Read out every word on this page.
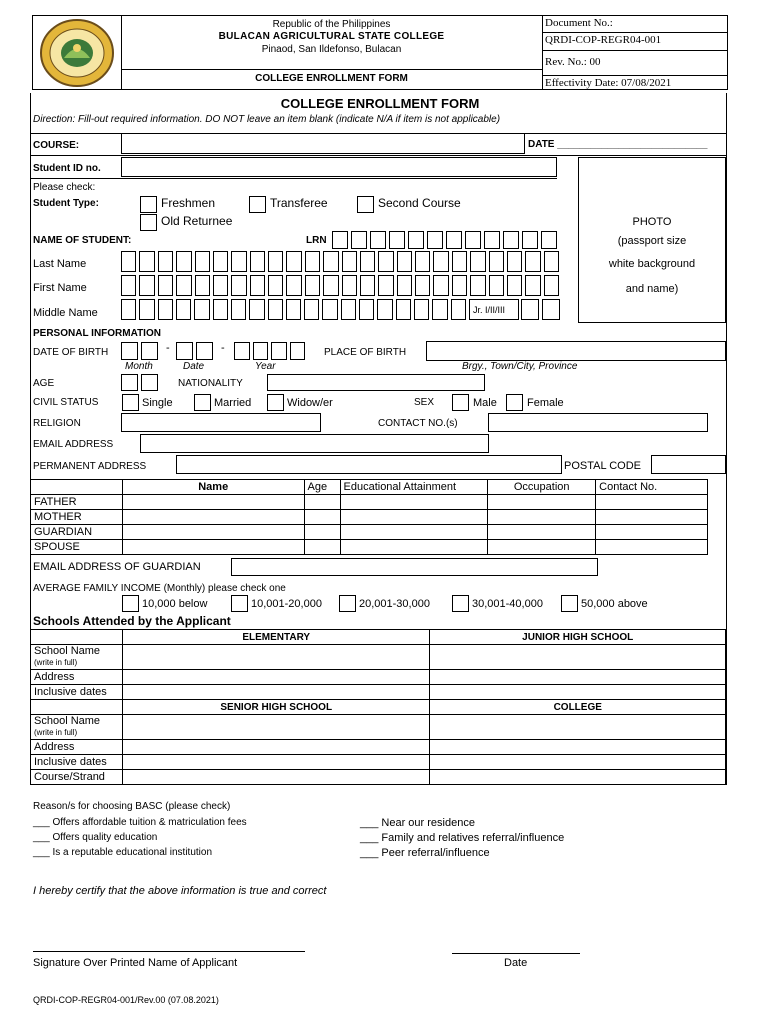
Republic of the Philippines
BULACAN AGRICULTURAL STATE COLLEGE
Pinaod, San Ildefonso, Bulacan
COLLEGE ENROLLMENT FORM
Document No.:
QRDI-COP-REGR04-001
Rev. No.: 00
Effectivity Date: 07/08/2021
COLLEGE ENROLLMENT FORM
Direction: Fill-out required information. DO NOT leave an item blank (indicate N/A if item is not applicable)
COURSE:	DATE ___________________________
Student ID no.
PHOTO
(passport size
white background
and name)
Please check:
Student Type:	Freshmen	Transferee	Second Course
Old Returnee
NAME OF STUDENT:	LRN
Last Name
First Name
Middle Name	Jr. I/II/III
PERSONAL INFORMATION
DATE OF BIRTH	-	-
Month	Date	Year
PLACE OF BIRTH
Brgy., Town/City, Province
AGE	NATIONALITY
CIVIL STATUS	Single	Married	Widow/er	SEX	Male	Female
RELIGION	CONTACT NO.(s)
EMAIL ADDRESS
PERMANENT ADDRESS	POSTAL CODE
	Name	Age	Educational Attainment	Occupation	Contact No.
FATHER					
MOTHER					
GUARDIAN					
SPOUSE					
EMAIL ADDRESS OF GUARDIAN
AVERAGE FAMILY INCOME (Monthly) please check one
10,000 below	10,001-20,000	20,001-30,000	30,001-40,000	50,000 above
Schools Attended by the Applicant
	ELEMENTARY	JUNIOR HIGH SCHOOL
School Name
(write in full)		
Address		
Inclusive dates		
	SENIOR HIGH SCHOOL	COLLEGE
School Name
(write in full)		
Address		
Inclusive dates		
Course/Strand		
Reason/s for choosing BASC (please check)
___ Offers affordable tuition & matriculation fees
___ Offers quality education
___ Is a reputable educational institution
___ Near our residence
___ Family and relatives referral/influence
___ Peer referral/influence
I hereby certify that the above information is true and correct
Signature Over Printed Name of Applicant	Date
QRDI-COP-REGR04-001/Rev.00 (07.08.2021)
